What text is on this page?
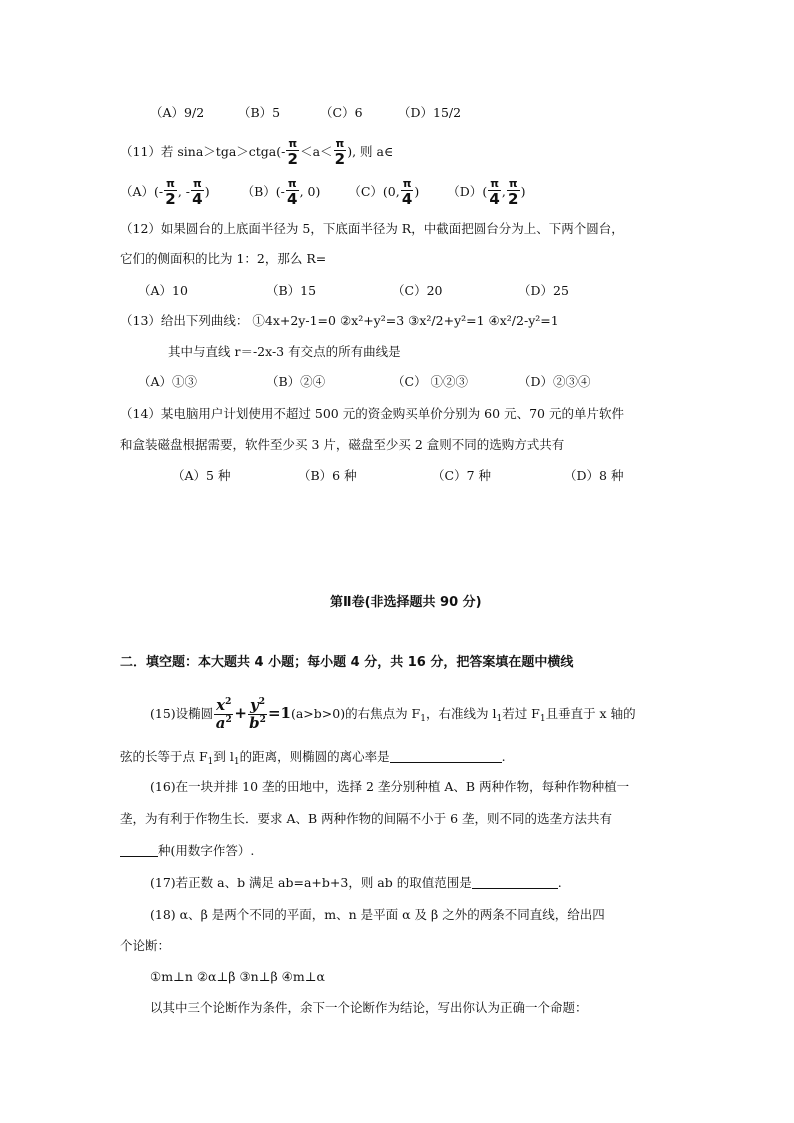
（A）9/2	（B）5	（C）6	（D）15/2
（11）若 sina＞tga＞ctga(- $\frac{\pi}{2} <a< \frac{\pi}{2}$ ), 则 a∈
$(A)(- \frac{\pi}{2}$ , - $\frac{\pi}{4}$ )	$(B)(- \frac{\pi}{4}$ , 0) （C）(0, $\frac{\pi}{4}$ ) $(D)( \frac{\pi}{4}$ , $\frac{\pi}{2}$ )
（12）如果圆台的上底面半径为 5，下底面半径为 R，中截面把圆台分为上、下两个圆台，
它们的侧面积的比为 1：2，那么 R=
（A）10	（B）15	（C）20	（D）25
（13）给出下列曲线： ①4x+2y-1=0 ②x²+y²=3 ③x²/2+y²=1 ④x²/2-y²=1
其中与直线 r＝-2x-3 有交点的所有曲线是
（A）①③	（B）②④	（C） ①②③	（D）②③④
（14）某电脑用户计划使用不超过 500 元的资金购买单价分别为 60 元、70 元的单片软件
和盒装磁盘根据需要，软件至少买 3 片，磁盘至少买 2 盒则不同的选购方式共有
（A）5 种	（B）6 种	（C）7 种	（D）8 种
第Ⅱ卷(非选择题共 90 分)
二．填空题：本大题共 4 小题；每小题 4 分，共 16 分，把答案填在题中横线
(15)设椭圆 $\frac{x^2}{a^2} + \frac{y^2}{b^2} =1(a>b>0)$的右焦点为 $F_1$，右准线为 $l_1$若过 $F_1$且垂直于 x 轴的
弦的长等于点 $F_1$到 $l_1$的距离，则椭圆的离心率是	.
(16)在一块并排 10 垄的田地中，选择 2 垄分别种植 A、B 两种作物，每种作物种植一
垄，为有利于作物生长．要求 A、B 两种作物的间隔不小于 6 垄，则不同的选垄方法共有
种(用数字作答）.
(17)若正数 a、b 满足 ab=a+b+3，则 ab 的取值范围是	.
(18) α、β 是两个不同的平面，m、n 是平面 α 及 β 之外的两条不同直线，给出四
个论断：
①m⊥n ②α⊥β ③n⊥β ④m⊥α
以其中三个论断作为条件，余下一个论断作为结论，写出你认为正确一个命题：
